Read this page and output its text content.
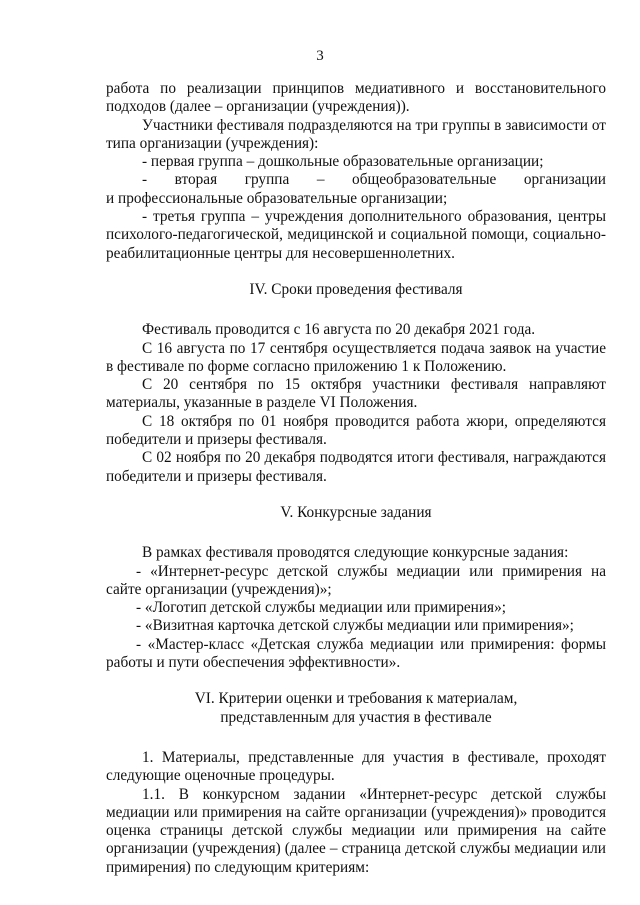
3

работа по реализации принципов медиативного и восстановительного подходов (далее – организации (учреждения)).

Участники фестиваля подразделяются на три группы в зависимости от типа организации (учреждения):

- первая группа – дошкольные образовательные организации;

- вторая группа – общеобразовательные организации

и профессиональные образовательные организации;

- третья группа – учреждения дополнительного образования, центры психолого-педагогической, медицинской и социальной помощи, социально-реабилитационные центры для несовершеннолетних.

IV. Сроки проведения фестиваля

Фестиваль проводится с 16 августа по 20 декабря 2021 года.

С 16 августа по 17 сентября осуществляется подача заявок на участие в фестивале по форме согласно приложению 1 к Положению.

С 20 сентября по 15 октября участники фестиваля направляют материалы, указанные в разделе VI Положения.

С 18 октября по 01 ноября проводится работа жюри, определяются победители и призеры фестиваля.

С 02 ноября по 20 декабря подводятся итоги фестиваля, награждаются победители и призеры фестиваля.

V. Конкурсные задания

В рамках фестиваля проводятся следующие конкурсные задания:

- «Интернет-ресурс детской службы медиации или примирения на сайте организации (учреждения)»;

- «Логотип детской службы медиации или примирения»;

- «Визитная карточка детской службы медиации или примирения»;

- «Мастер-класс «Детская служба медиации или примирения: формы работы и пути обеспечения эффективности».

VI. Критерии оценки и требования к материалам,

представленным для участия в фестивале

1. Материалы, представленные для участия в фестивале, проходят следующие оценочные процедуры.

1.1. В конкурсном задании «Интернет-ресурс детской службы медиации или примирения на сайте организации (учреждения)» проводится оценка страницы детской службы медиации или примирения на сайте организации (учреждения) (далее – страница детской службы медиации или примирения) по следующим критериям:
